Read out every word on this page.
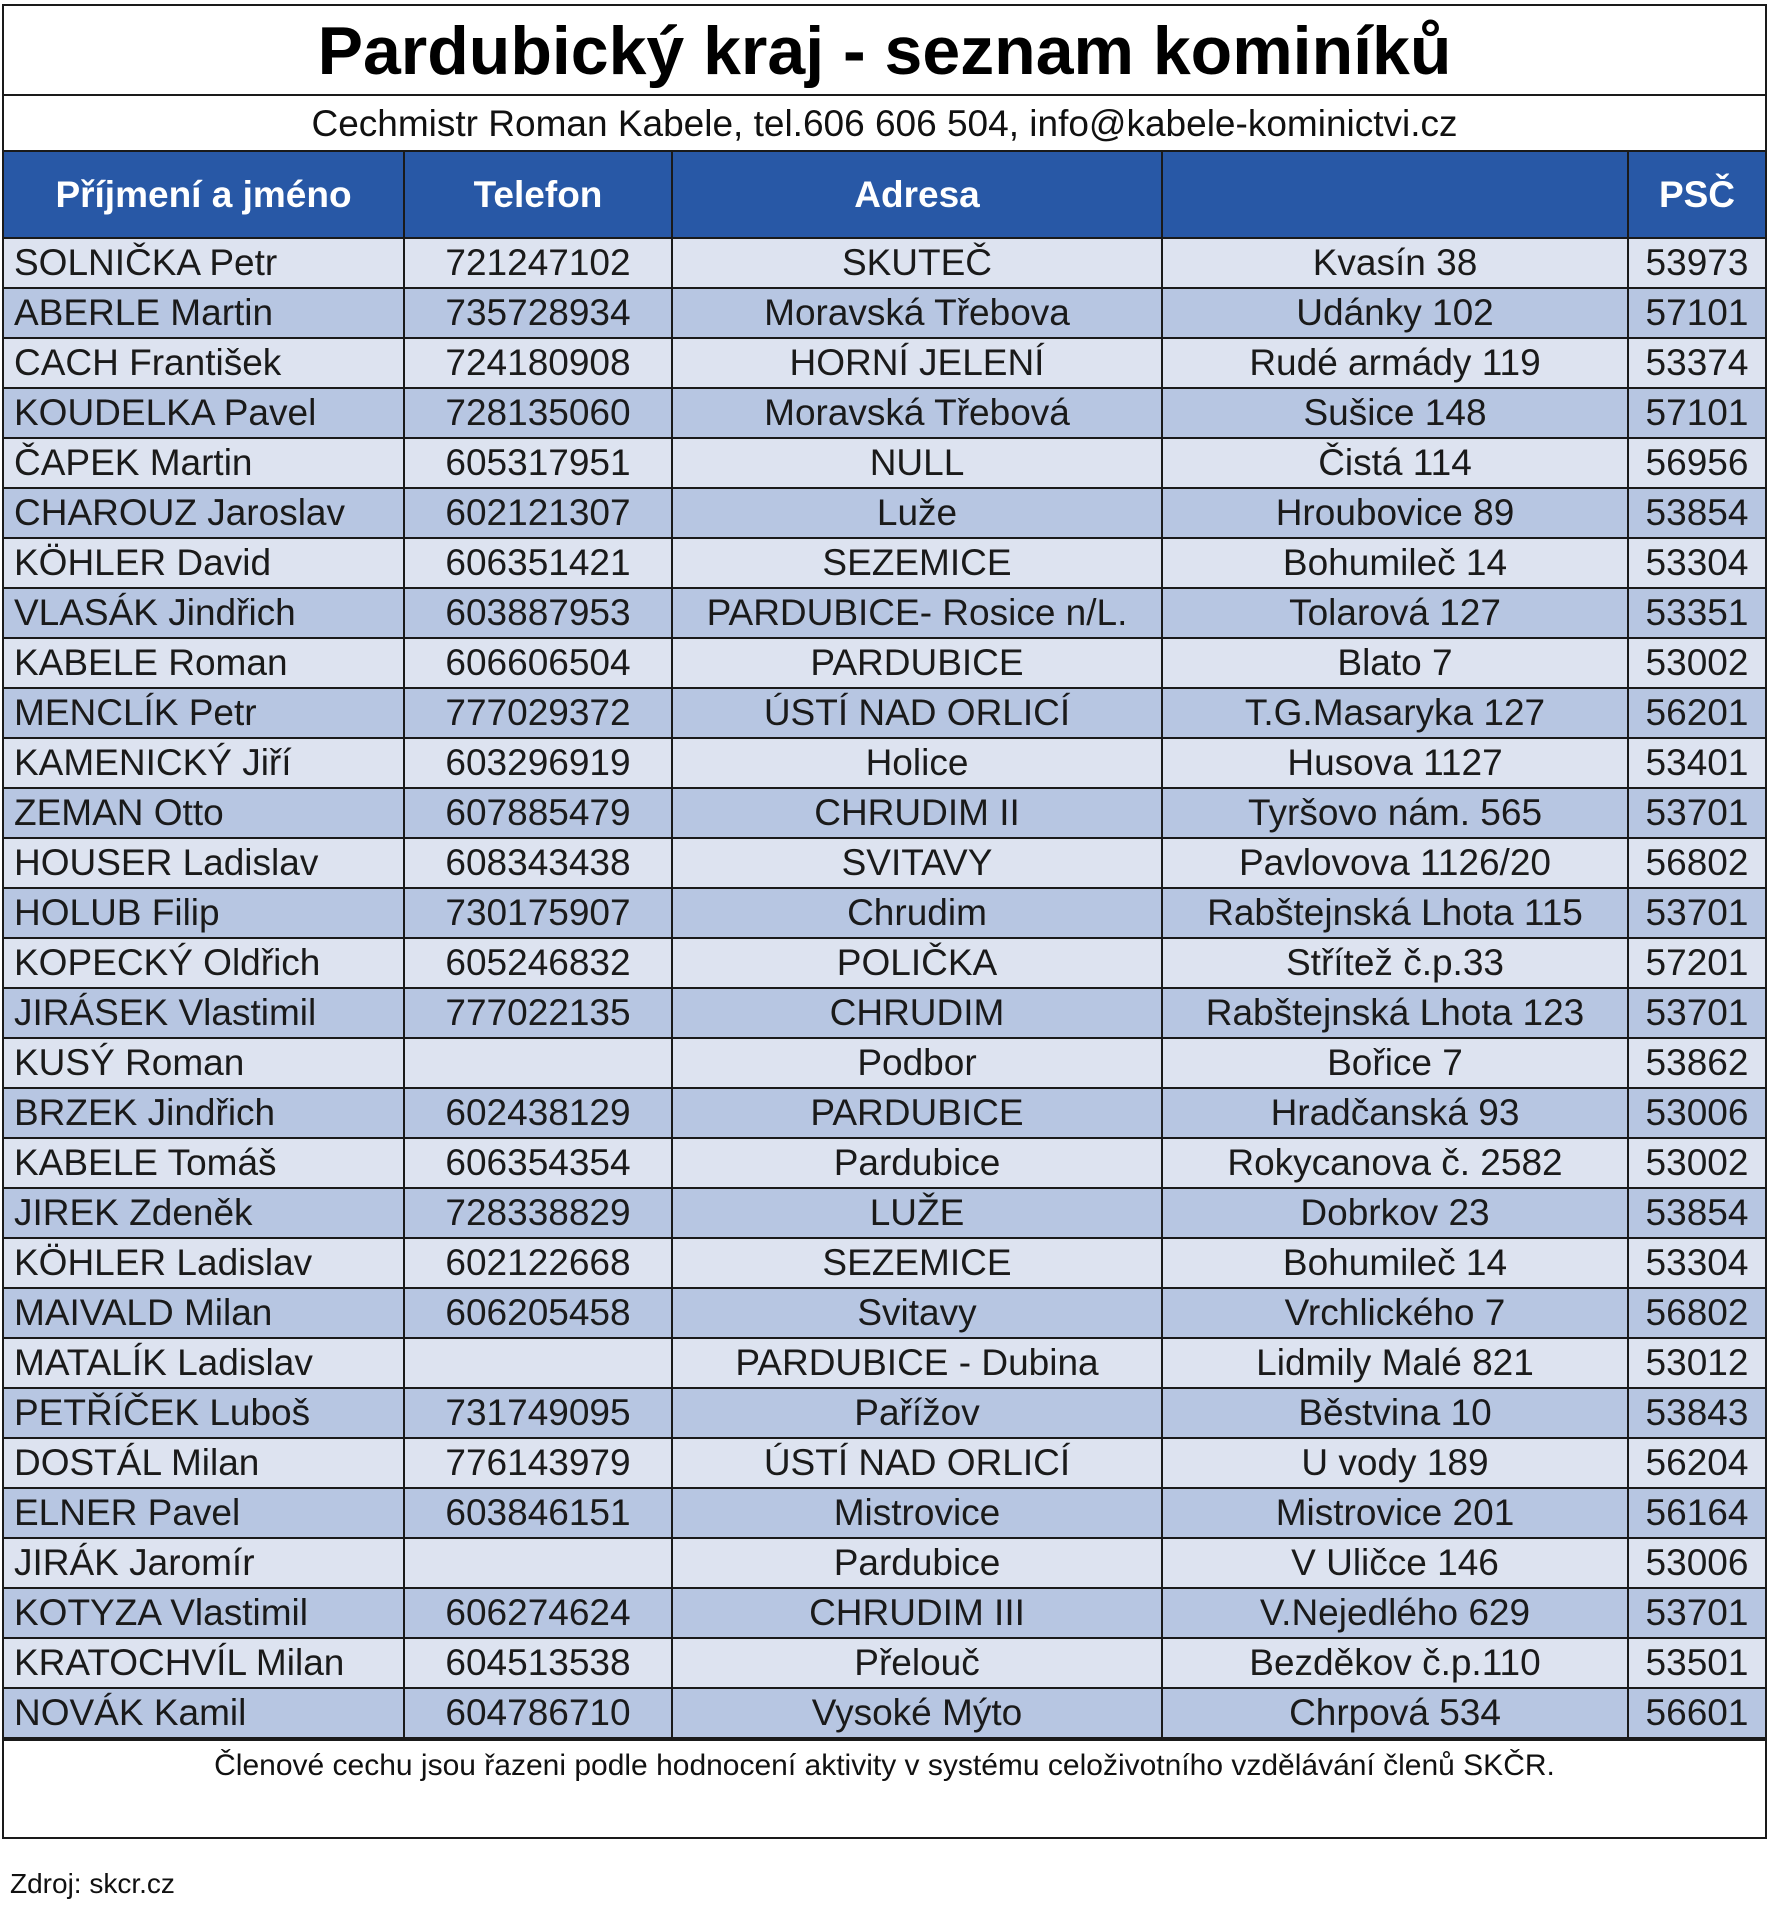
Pardubický kraj - seznam kominíků
Cechmistr Roman Kabele, tel.606 606 504, info@kabele-kominictvi.cz
Příjmení a jméno	Telefon	Adresa		PSČ
SOLNIČKA Petr	721247102	SKUTEČ	Kvasín 38	53973
ABERLE Martin	735728934	Moravská Třebova	Udánky 102	57101
CACH František	724180908	HORNÍ JELENÍ	Rudé armády 119	53374
KOUDELKA Pavel	728135060	Moravská Třebová	Sušice 148	57101
ČAPEK Martin	605317951	NULL	Čistá 114	56956
CHAROUZ Jaroslav	602121307	Luže	Hroubovice 89	53854
KÖHLER David	606351421	SEZEMICE	Bohumileč 14	53304
VLASÁK Jindřich	603887953	PARDUBICE- Rosice n/L.	Tolarová 127	53351
KABELE Roman	606606504	PARDUBICE	Blato 7	53002
MENCLÍK Petr	777029372	ÚSTÍ NAD ORLICÍ	T.G.Masaryka 127	56201
KAMENICKÝ Jiří	603296919	Holice	Husova 1127	53401
ZEMAN Otto	607885479	CHRUDIM II	Tyršovo nám. 565	53701
HOUSER Ladislav	608343438	SVITAVY	Pavlovova 1126/20	56802
HOLUB Filip	730175907	Chrudim	Rabštejnská Lhota 115	53701
KOPECKÝ Oldřich	605246832	POLIČKA	Střítež č.p.33	57201
JIRÁSEK Vlastimil	777022135	CHRUDIM	Rabštejnská Lhota 123	53701
KUSÝ Roman		Podbor	Bořice 7	53862
BRZEK Jindřich	602438129	PARDUBICE	Hradčanská 93	53006
KABELE Tomáš	606354354	Pardubice	Rokycanova č. 2582	53002
JIREK Zdeněk	728338829	LUŽE	Dobrkov 23	53854
KÖHLER Ladislav	602122668	SEZEMICE	Bohumileč 14	53304
MAIVALD Milan	606205458	Svitavy	Vrchlického 7	56802
MATALÍK Ladislav		PARDUBICE - Dubina	Lidmily Malé 821	53012
PETŘÍČEK Luboš	731749095	Pařížov	Běstvina 10	53843
DOSTÁL Milan	776143979	ÚSTÍ NAD ORLICÍ	U vody 189	56204
ELNER Pavel	603846151	Mistrovice	Mistrovice 201	56164
JIRÁK Jaromír		Pardubice	V Uličce 146	53006
KOTYZA Vlastimil	606274624	CHRUDIM III	V.Nejedlého 629	53701
KRATOCHVÍL Milan	604513538	Přelouč	Bezděkov č.p.110	53501
NOVÁK Kamil	604786710	Vysoké Mýto	Chrpová 534	56601
Členové cechu jsou řazeni podle hodnocení aktivity v systému celoživotního vzdělávání členů SKČR.
Zdroj: skcr.cz
